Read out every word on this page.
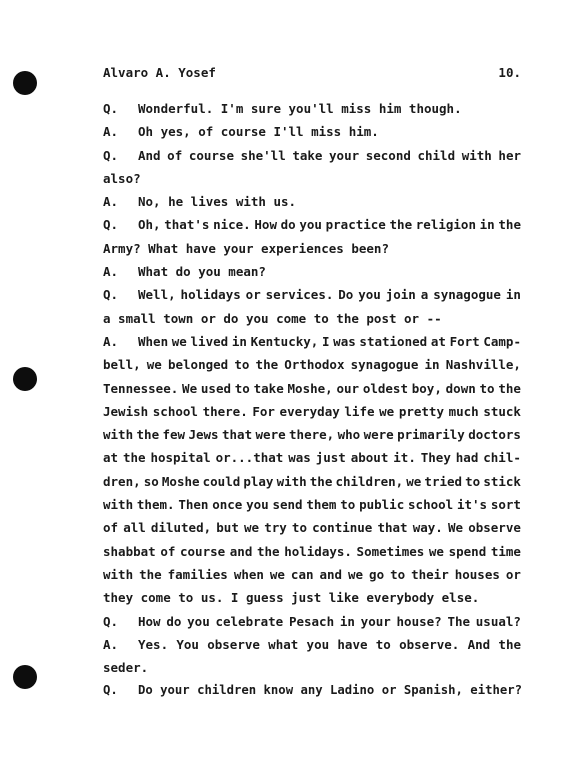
Alvaro A. Yosef	10.
Q. Wonderful. I'm sure you'll miss him though.
A. Oh yes, of course I'll miss him.
Q.	And of course she'll take your second child with her
also?
A. No, he lives with us.
Q.	Oh, that's nice. How do you practice the religion in the
Army? What have your experiences been?
A. What do you mean?
Q.	Well, holidays or services. Do you join a synagogue in
a small town or do you come to the post or --
A.	When we lived in Kentucky, I was stationed at Fort Camp-
bell, we belonged to the Orthodox synagogue in Nashville,
Tennessee. We used to take Moshe, our oldest boy, down to the
Jewish school there. For everyday life we pretty much stuck
with the few Jews that were there, who were primarily doctors
at the hospital or...that was just about it. They had chil-
dren, so Moshe could play with the children, we tried to stick
with them. Then once you send them to public school it's sort
of all diluted, but we try to continue that way. We observe
shabbat of course and the holidays. Sometimes we spend time
with the families when we can and we go to their houses or
they come to us. I guess just like everybody else.
Q.	How do you celebrate Pesach in your house? The usual?
A.	Yes. You observe what you have to observe. And the
seder.
Q. Do your children know any Ladino or Spanish, either?
